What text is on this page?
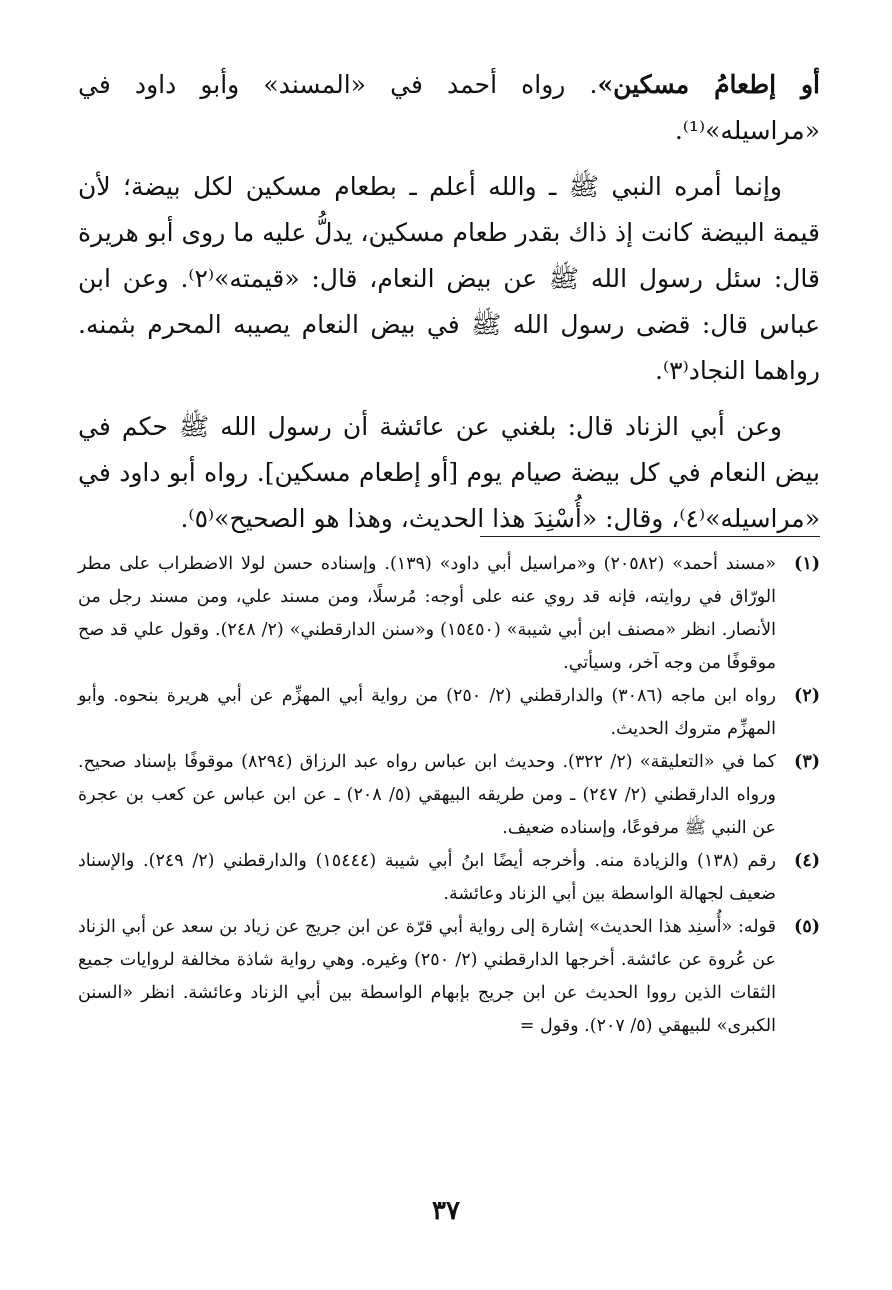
أو إطعامُ مسكين». رواه أحمد في «المسند» وأبو داود في «مراسيله»⁽¹⁾.

وإنما أمره النبي ﷺ ـ والله أعلم ـ بطعام مسكين لكل بيضة؛ لأن قيمة البيضة كانت إذ ذاك بقدر طعام مسكين، يدلُّ عليه ما روى أبو هريرة قال: سئل رسول الله ﷺ عن بيض النعام، قال: «قيمته»⁽٢⁾. وعن ابن عباس قال: قضى رسول الله ﷺ في بيض النعام يصيبه المحرم بثمنه. رواهما النجاد⁽٣⁾.

وعن أبي الزناد قال: بلغني عن عائشة أن رسول الله ﷺ حكم في بيض النعام في كل بيضة صيام يوم [أو إطعام مسكين]. رواه أبو داود في «مراسيله»⁽٤⁾، وقال: «أُسْنِدَ هذا الحديث، وهذا هو الصحيح»⁽٥⁾.

(١)
«مسند أحمد» (٢٠٥٨٢) و«مراسيل أبي داود» (١٣٩). وإسناده حسن لولا الاضطراب على مطر الورّاق في روايته، فإنه قد روي عنه على أوجه: مُرسلًا، ومن مسند علي، ومن مسند رجل من الأنصار. انظر «مصنف ابن أبي شيبة» (١٥٤٥٠) و«سنن الدارقطني» (٢/ ٢٤٨). وقول علي قد صح موقوفًا من وجه آخر، وسيأتي.
(٢)
رواه ابن ماجه (٣٠٨٦) والدارقطني (٢/ ٢٥٠) من رواية أبي المهزِّم عن أبي هريرة بنحوه. وأبو المهزِّم متروك الحديث.
(٣)
كما في «التعليقة» (٢/ ٣٢٢). وحديث ابن عباس رواه عبد الرزاق (٨٢٩٤) موقوفًا بإسناد صحيح. ورواه الدارقطني (٢/ ٢٤٧) ـ ومن طريقه البيهقي (٥/ ٢٠٨) ـ عن ابن عباس عن كعب بن عجرة عن النبي ﷺ مرفوعًا، وإسناده ضعيف.
(٤)
رقم (١٣٨) والزيادة منه. وأخرجه أيضًا ابنُ أبي شيبة (١٥٤٤٤) والدارقطني (٢/ ٢٤٩). والإسناد ضعيف لجهالة الواسطة بين أبي الزناد وعائشة.
(٥)
قوله: «أُسنِد هذا الحديث» إشارة إلى رواية أبي قرّة عن ابن جريج عن زياد بن سعد عن أبي الزناد عن عُروة عن عائشة. أخرجها الدارقطني (٢/ ٢٥٠) وغيره. وهي رواية شاذة مخالفة لروايات جميع الثقات الذين رووا الحديث عن ابن جريج بإبهام الواسطة بين أبي الزناد وعائشة. انظر «السنن الكبرى» للبيهقي (٥/ ٢٠٧). وقول =
٣٧
